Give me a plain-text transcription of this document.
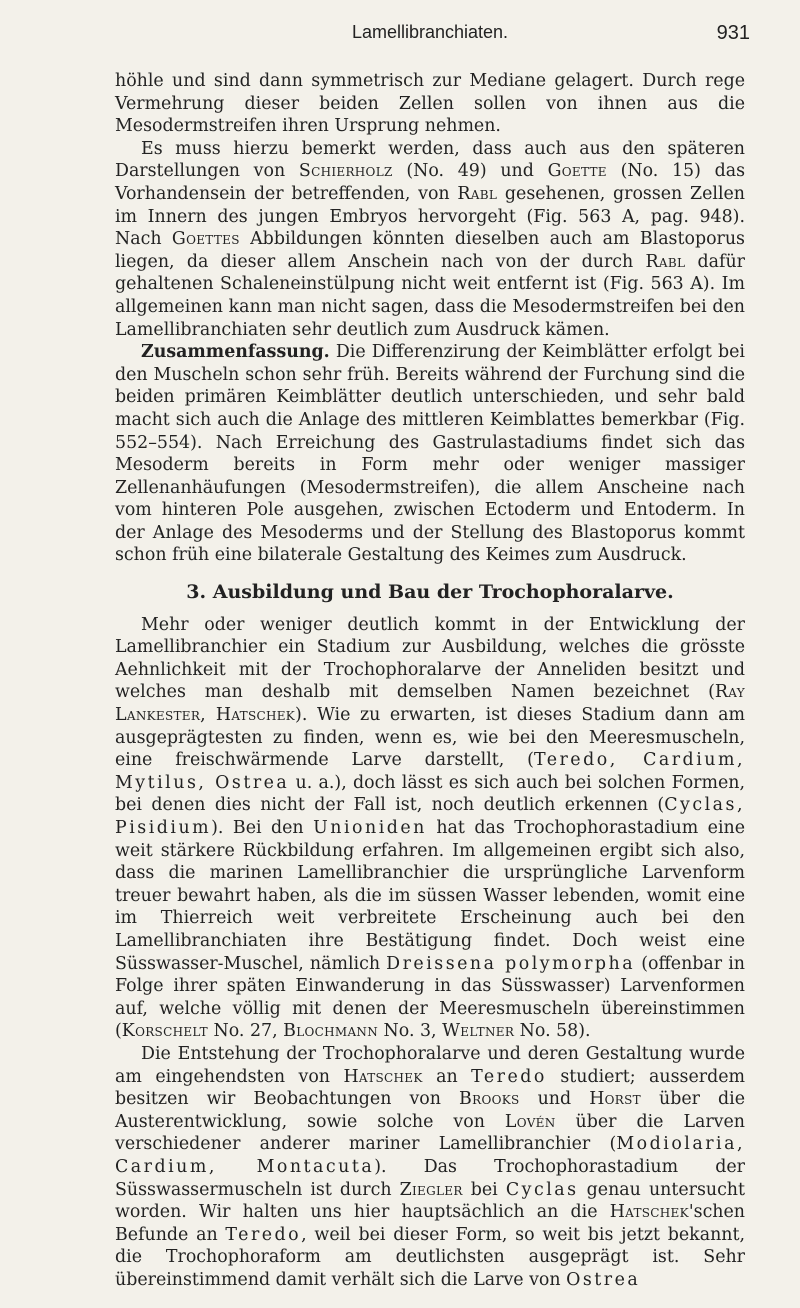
Lamellibranchiaten.	931

höhle und sind dann symmetrisch zur Mediane gelagert. Durch rege Vermehrung dieser beiden Zellen sollen von ihnen aus die Mesodermstreifen ihren Ursprung nehmen.

Es muss hierzu bemerkt werden, dass auch aus den späteren Darstellungen von Schierholz (No. 49) und Goette (No. 15) das Vorhandensein der betreffenden, von Rabl gesehenen, grossen Zellen im Innern des jungen Embryos hervorgeht (Fig. 563 A, pag. 948). Nach Goettes Abbildungen könnten dieselben auch am Blastoporus liegen, da dieser allem Anschein nach von der durch Rabl dafür gehaltenen Schaleneinstülpung nicht weit entfernt ist (Fig. 563 A). Im allgemeinen kann man nicht sagen, dass die Mesodermstreifen bei den Lamellibranchiaten sehr deutlich zum Ausdruck kämen.

Zusammenfassung. Die Differenzirung der Keimblätter erfolgt bei den Muscheln schon sehr früh. Bereits während der Furchung sind die beiden primären Keimblätter deutlich unterschieden, und sehr bald macht sich auch die Anlage des mittleren Keimblattes bemerkbar (Fig. 552–554). Nach Erreichung des Gastrulastadiums findet sich das Mesoderm bereits in Form mehr oder weniger massiger Zellenanhäufungen (Mesodermstreifen), die allem Anscheine nach vom hinteren Pole ausgehen, zwischen Ectoderm und Entoderm. In der Anlage des Mesoderms und der Stellung des Blastoporus kommt schon früh eine bilaterale Gestaltung des Keimes zum Ausdruck.

3. Ausbildung und Bau der Trochophoralarve.

Mehr oder weniger deutlich kommt in der Entwicklung der Lamellibranchier ein Stadium zur Ausbildung, welches die grösste Aehnlichkeit mit der Trochophoralarve der Anneliden besitzt und welches man deshalb mit demselben Namen bezeichnet (Ray Lankester, Hatschek). Wie zu erwarten, ist dieses Stadium dann am ausgeprägtesten zu finden, wenn es, wie bei den Meeresmuscheln, eine freischwärmende Larve darstellt, (Teredo, Cardium, Mytilus, Ostrea u. a.), doch lässt es sich auch bei solchen Formen, bei denen dies nicht der Fall ist, noch deutlich erkennen (Cyclas, Pisidium). Bei den Unioniden hat das Trochophorastadium eine weit stärkere Rückbildung erfahren. Im allgemeinen ergibt sich also, dass die marinen Lamellibranchier die ursprüngliche Larvenform treuer bewahrt haben, als die im süssen Wasser lebenden, womit eine im Thierreich weit verbreitete Erscheinung auch bei den Lamellibranchiaten ihre Bestätigung findet. Doch weist eine Süsswasser-Muschel, nämlich Dreissena polymorpha (offenbar in Folge ihrer späten Einwanderung in das Süsswasser) Larvenformen auf, welche völlig mit denen der Meeresmuscheln übereinstimmen (Korschelt No. 27, Blochmann No. 3, Weltner No. 58).

Die Entstehung der Trochophoralarve und deren Gestaltung wurde am eingehendsten von Hatschek an Teredo studiert; ausserdem besitzen wir Beobachtungen von Brooks und Horst über die Austerentwicklung, sowie solche von Lovén über die Larven verschiedener anderer mariner Lamellibranchier (Modiolaria, Cardium, Montacuta). Das Trochophorastadium der Süsswassermuscheln ist durch Ziegler bei Cyclas genau untersucht worden. Wir halten uns hier hauptsächlich an die Hatschek'schen Befunde an Teredo, weil bei dieser Form, so weit bis jetzt bekannt, die Trochophoraform am deutlichsten ausgeprägt ist. Sehr übereinstimmend damit verhält sich die Larve von Ostrea
